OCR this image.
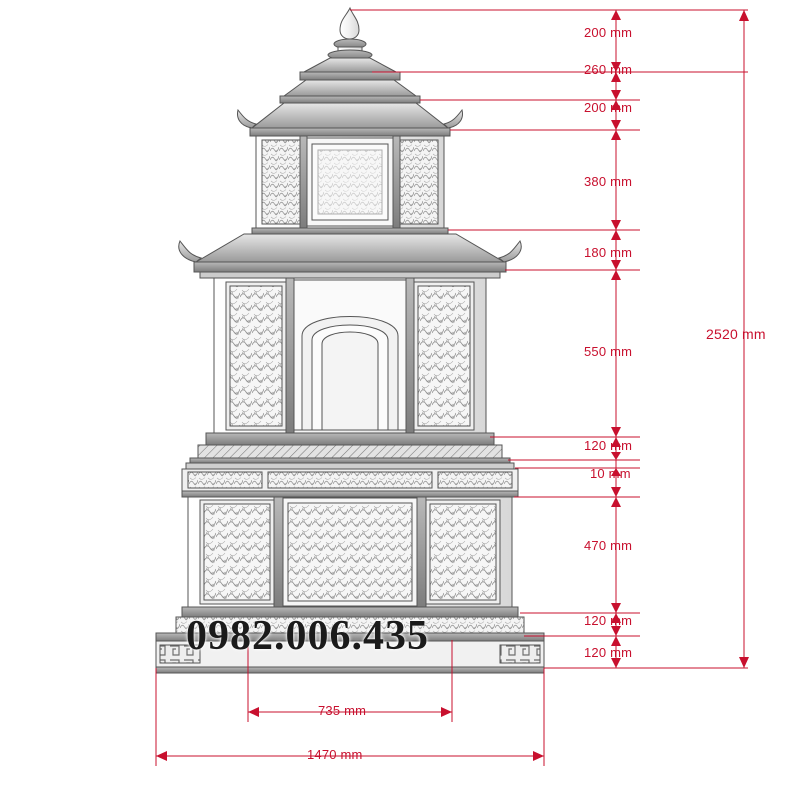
200 mm
260 mm
200 mm
380 mm
180 mm
550 mm
120 mm
10 mm
470 mm
120 mm
120 mm
2520 mm
735 mm
1470 mm
0982.006.435
